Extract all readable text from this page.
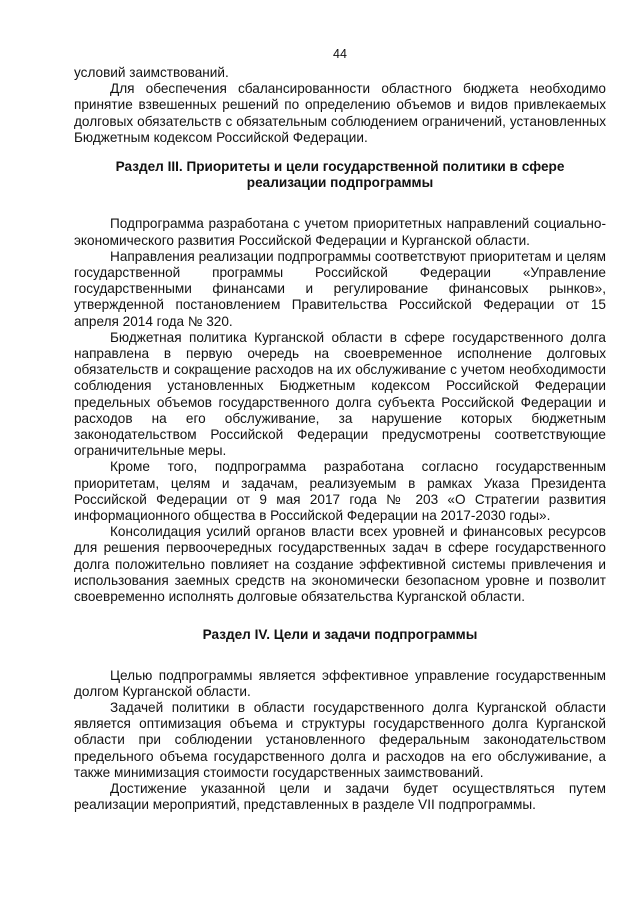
44

условий заимствований.

Для обеспечения сбалансированности областного бюджета необходимо принятие взвешенных решений по определению объемов и видов привлекаемых долговых обязательств с обязательным соблюдением ограничений, установленных Бюджетным кодексом Российской Федерации.

Раздел III. Приоритеты и цели государственной политики в сфере реализации подпрограммы

Подпрограмма разработана с учетом приоритетных направлений социально-экономического развития Российской Федерации и Курганской области.

Направления реализации подпрограммы соответствуют приоритетам и целям государственной программы Российской Федерации «Управление государственными финансами и регулирование финансовых рынков», утвержденной постановлением Правительства Российской Федерации от 15 апреля 2014 года № 320.

Бюджетная политика Курганской области в сфере государственного долга направлена в первую очередь на своевременное исполнение долговых обязательств и сокращение расходов на их обслуживание с учетом необходимости соблюдения установленных Бюджетным кодексом Российской Федерации предельных объемов государственного долга субъекта Российской Федерации и расходов на его обслуживание, за нарушение которых бюджетным законодательством Российской Федерации предусмотрены соответствующие ограничительные меры.

Кроме того, подпрограмма разработана согласно государственным приоритетам, целям и задачам, реализуемым в рамках Указа Президента Российской Федерации от 9 мая 2017 года № 203 «О Стратегии развития информационного общества в Российской Федерации на 2017-2030 годы».

Консолидация усилий органов власти всех уровней и финансовых ресурсов для решения первоочередных государственных задач в сфере государственного долга положительно повлияет на создание эффективной системы привлечения и использования заемных средств на экономически безопасном уровне и позволит своевременно исполнять долговые обязательства Курганской области.

Раздел IV. Цели и задачи подпрограммы

Целью подпрограммы является эффективное управление государственным долгом Курганской области.

Задачей политики в области государственного долга Курганской области является оптимизация объема и структуры государственного долга Курганской области при соблюдении установленного федеральным законодательством предельного объема государственного долга и расходов на его обслуживание, а также минимизация стоимости государственных заимствований.

Достижение указанной цели и задачи будет осуществляться путем реализации мероприятий, представленных в разделе VII подпрограммы.
